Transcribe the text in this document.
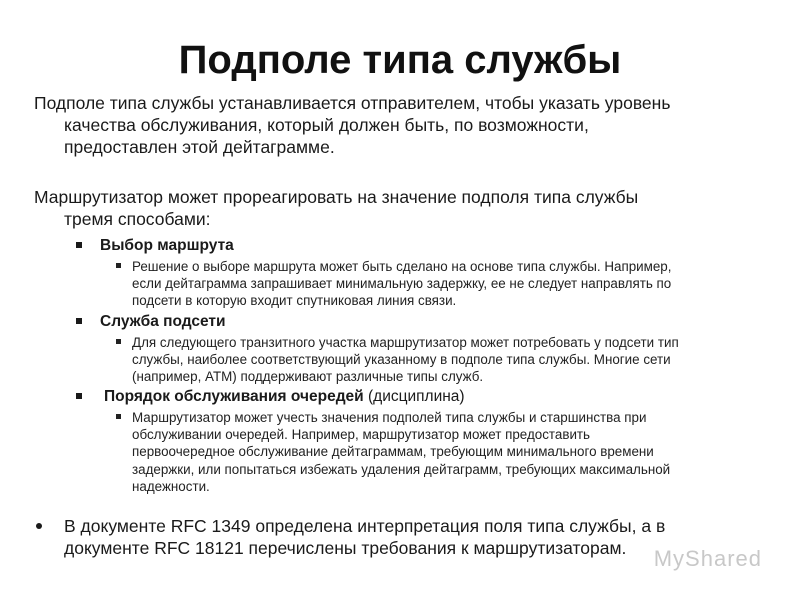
Подполе типа службы
Подполе типа службы устанавливается отправителем, чтобы указать уровень
качества обслуживания, который должен быть, по возможности,
предоставлен этой дейтаграмме.
Маршрутизатор может прореагировать на значение подполя типа службы
тремя способами:
Выбор маршрута
Решение о выборе маршрута может быть сделано на основе типа службы. Например,
если дейтаграмма запрашивает минимальную задержку, ее не следует направлять по
подсети в которую входит спутниковая линия связи.
Служба подсети
Для следующего транзитного участка маршрутизатор может потребовать у подсети тип
службы, наиболее соответствующий указанному в подполе типа службы. Многие сети
(например, ATM) поддерживают различные типы служб.
Порядок обслуживания очередей (дисциплина)
Маршрутизатор может учесть значения подполей типа службы и старшинства при
обслуживании очередей. Например, маршрутизатор может предоставить
первоочередное обслуживание дейтаграммам, требующим минимального времени
задержки, или попытаться избежать удаления дейтаграмм, требующих максимальной
надежности.
В документе RFC 1349 определена интерпретация поля типа службы, а в
документе RFC 18121 перечислены требования к маршрутизаторам.	MyShared
